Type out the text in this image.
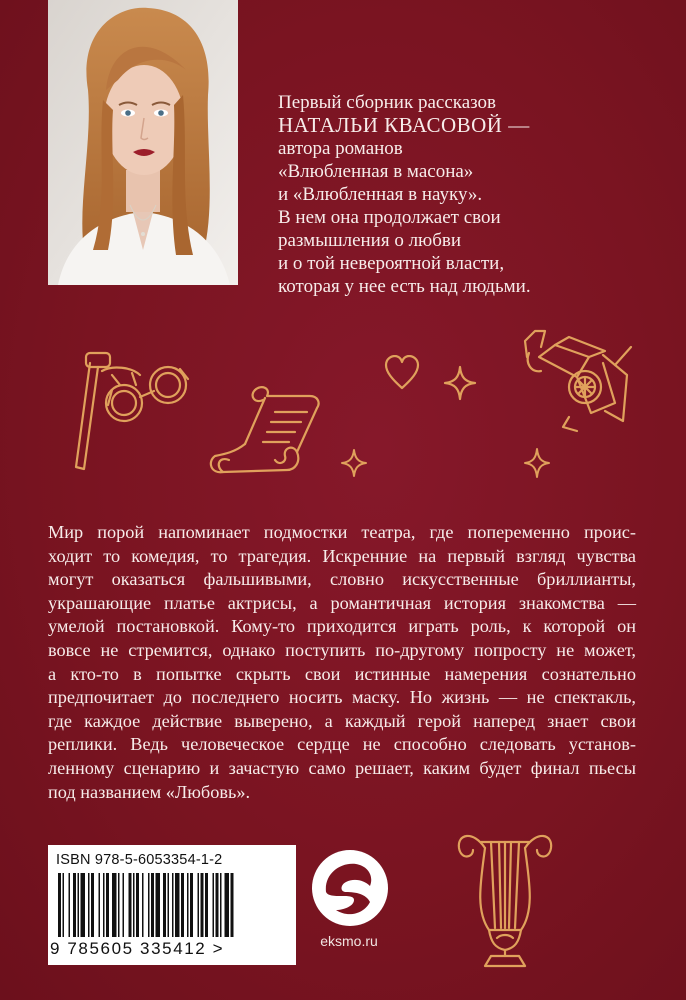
Первый сборник рассказов
НАТАЛЬИ КВАСОВОЙ —
автора романов
«Влюбленная в масона»
и «Влюбленная в науку».
В нем она продолжает свои
размышления о любви
и о той невероятной власти,
которая у нее есть над людьми.
Мир порой напоминает подмостки театра, где попеременно проис-
ходит то комедия, то трагедия. Искренние на первый взгляд чувства
могут оказаться фальшивыми, словно искусственные бриллианты,
украшающие платье актрисы, а романтичная история знакомства —
умелой постановкой. Кому-то приходится играть роль, к которой он
вовсе не стремится, однако поступить по-другому попросту не может,
а кто-то в попытке скрыть свои истинные намерения сознательно
предпочитает до последнего носить маску. Но жизнь — не спектакль,
где каждое действие выверено, а каждый герой наперед знает свои
реплики. Ведь человеческое сердце не способно следовать установ-
ленному сценарию и зачастую само решает, каким будет финал пьесы
под названием «Любовь».
ISBN 978-5-6053354-1-2
9 785605 335412 >	eksmo.ru
